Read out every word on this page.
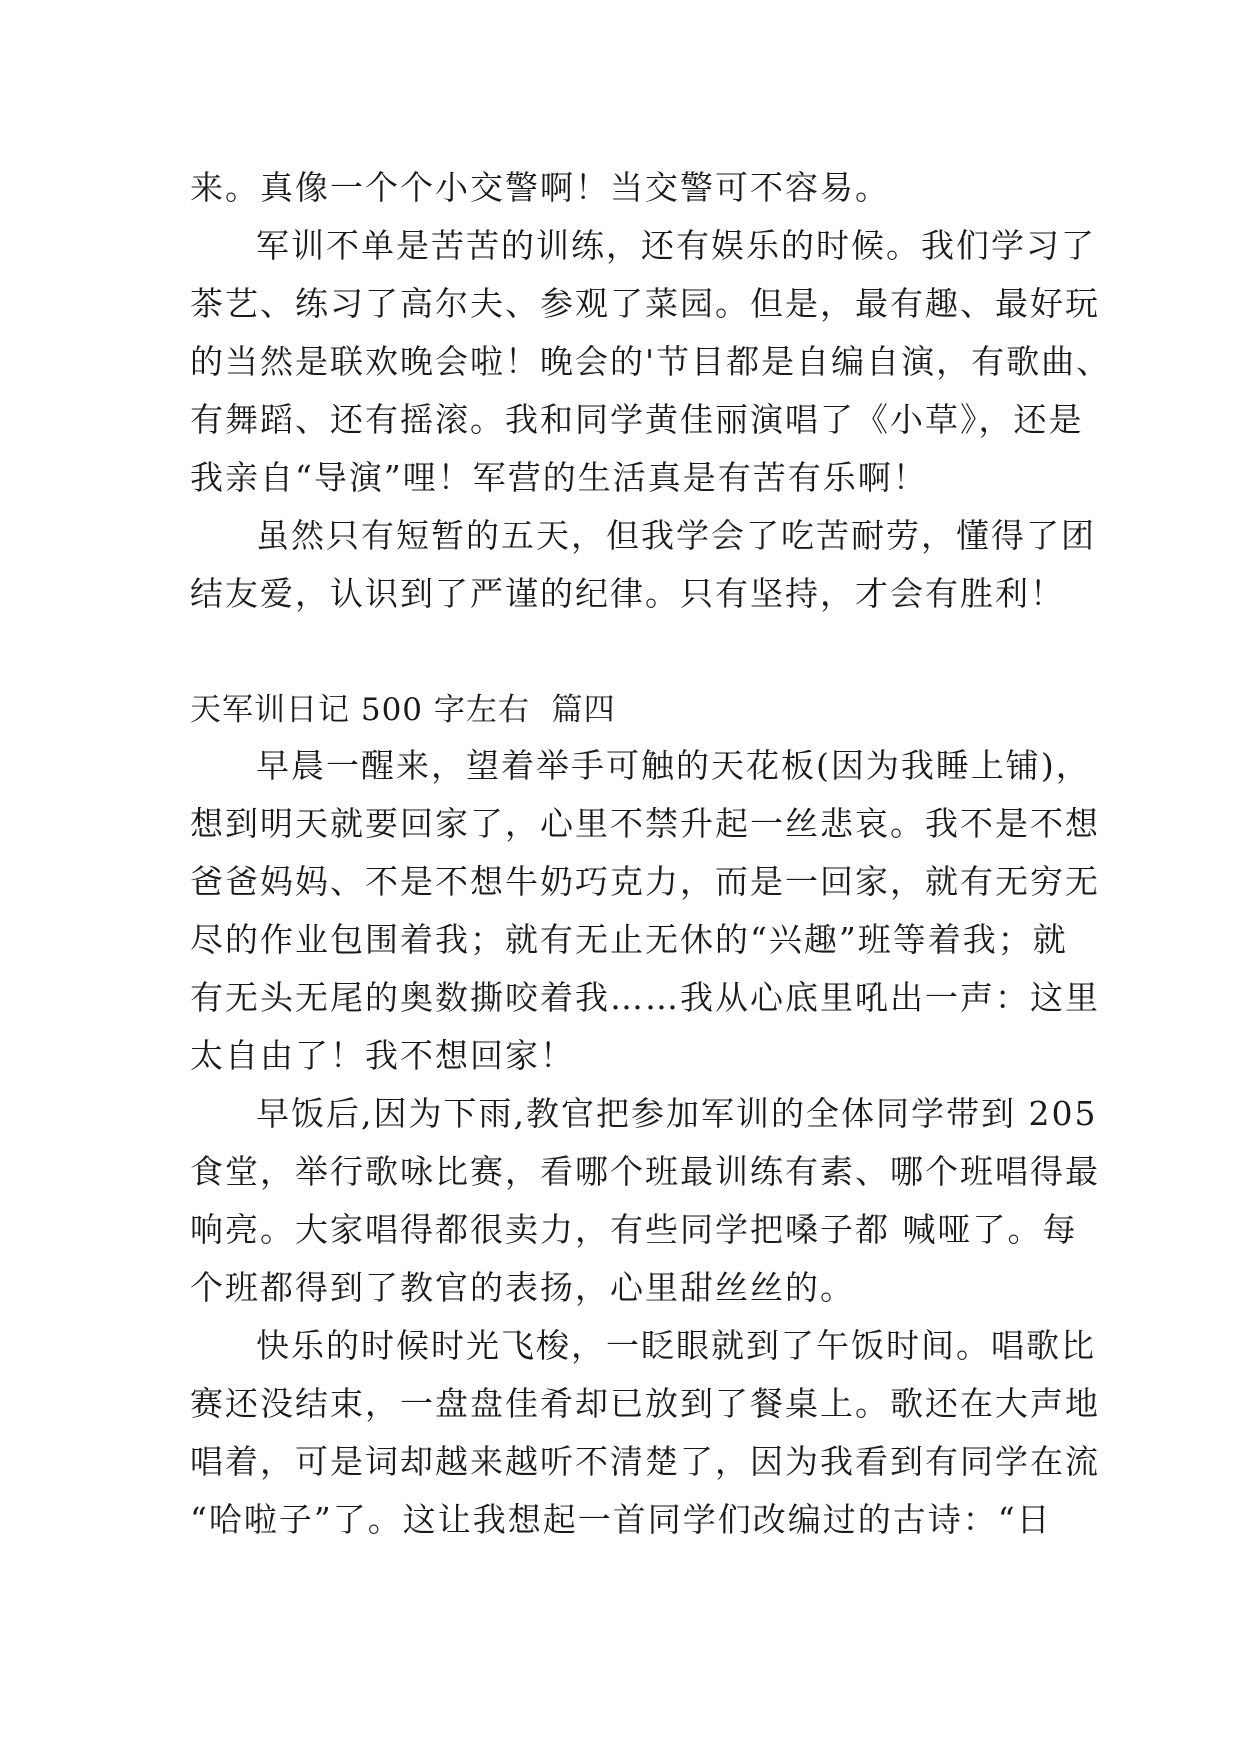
来。真像一个个小交警啊！当交警可不容易。
军训不单是苦苦的训练，还有娱乐的时候。我们学习了
茶艺、练习了高尔夫、参观了菜园。但是，最有趣、最好玩
的当然是联欢晚会啦！晚会的'节目都是自编自演，有歌曲、
有舞蹈、还有摇滚。我和同学黄佳丽演唱了《小草》，还是
我亲自“导演”哩！军营的生活真是有苦有乐啊！
虽然只有短暂的五天，但我学会了吃苦耐劳，懂得了团
结友爱，认识到了严谨的纪律。只有坚持，才会有胜利！
天军训日记 500 字左右  篇四
早晨一醒来，望着举手可触的天花板(因为我睡上铺)，
想到明天就要回家了，心里不禁升起一丝悲哀。我不是不想
爸爸妈妈、不是不想牛奶巧克力，而是一回家，就有无穷无
尽的作业包围着我；就有无止无休的“兴趣”班等着我；就
有无头无尾的奥数撕咬着我……我从心底里吼出一声：这里
太自由了！我不想回家！
早饭后,因为下雨,教官把参加军训的全体同学带到 205
食堂，举行歌咏比赛，看哪个班最训练有素、哪个班唱得最
响亮。大家唱得都很卖力，有些同学把嗓子都 喊哑了。每
个班都得到了教官的表扬，心里甜丝丝的。
快乐的时候时光飞梭，一眨眼就到了午饭时间。唱歌比
赛还没结束，一盘盘佳肴却已放到了餐桌上。歌还在大声地
唱着，可是词却越来越听不清楚了，因为我看到有同学在流
“哈啦子”了。这让我想起一首同学们改编过的古诗：“日
